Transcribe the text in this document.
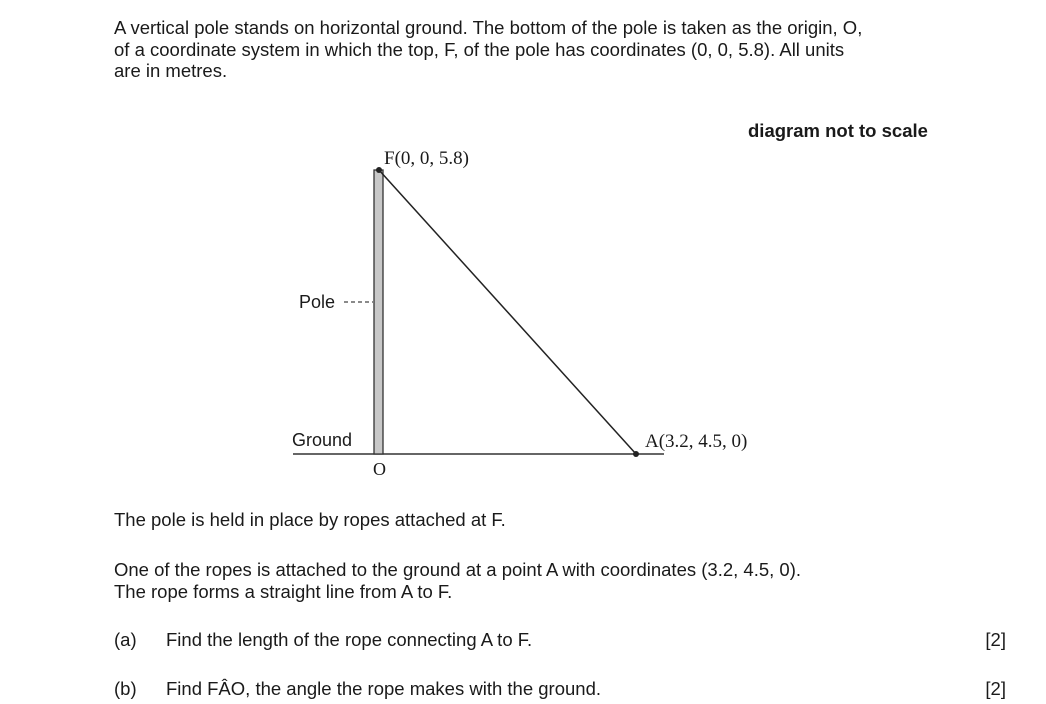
A vertical pole stands on horizontal ground. The bottom of the pole is taken as the origin, O,

of a coordinate system in which the top, F, of the pole has coordinates (0, 0, 5.8). All units

are in metres.

diagram not to scale
F(0, 0, 5.8)
Pole
Ground
O
A(3.2, 4.5, 0)

The pole is held in place by ropes attached at F.

One of the ropes is attached to the ground at a point A with coordinates (3.2, 4.5, 0).

The rope forms a straight line from A to F.

(a) Find the length of the rope connecting A to F.	[2]
(b) Find FÂO, the angle the rope makes with the ground.	[2]
